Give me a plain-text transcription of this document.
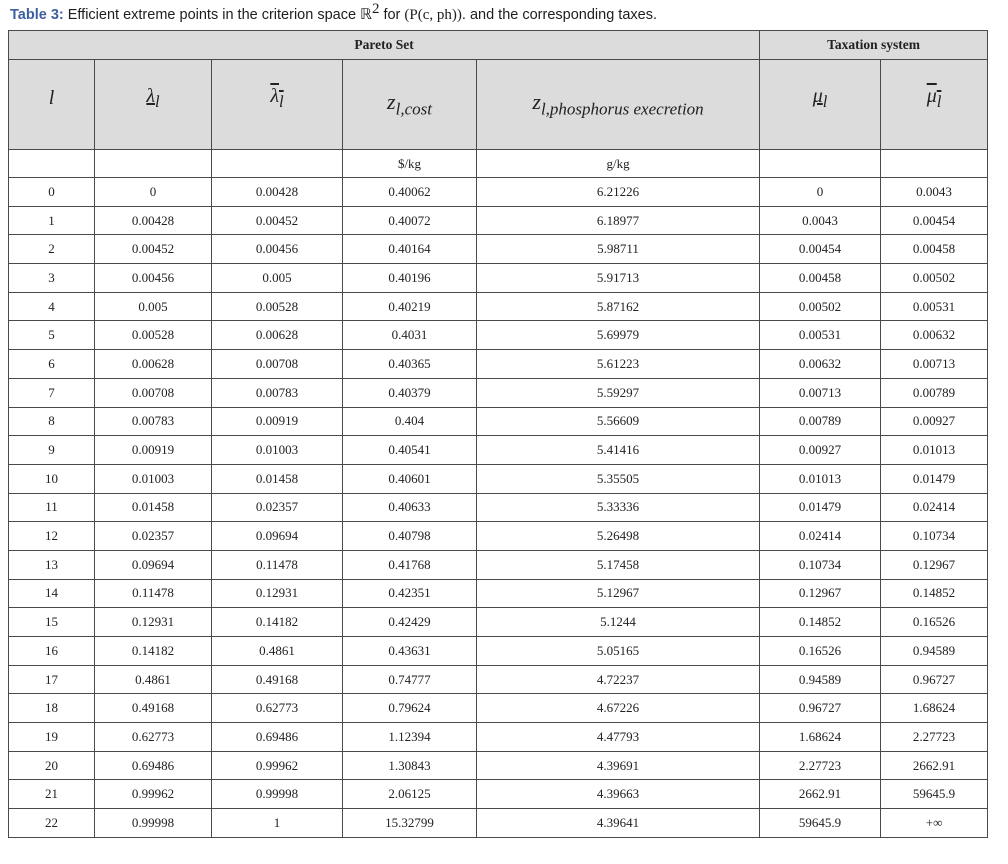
Table 3: Efficient extreme points in the criterion space ℝ$^2$ for (P(c, ph)). and the corresponding taxes.
Pareto Set					Taxation system	
l	$\lambda_l$	$\lambda_l$	$z_{l,cost}$	$z_{l,phosphorus execretion}$	$\mu_l$	$\mu_l$
			$/kg	g/kg		
0	0	0.00428	0.40062	6.21226	0	0.0043
1	0.00428	0.00452	0.40072	6.18977	0.0043	0.00454
2	0.00452	0.00456	0.40164	5.98711	0.00454	0.00458
3	0.00456	0.005	0.40196	5.91713	0.00458	0.00502
4	0.005	0.00528	0.40219	5.87162	0.00502	0.00531
5	0.00528	0.00628	0.4031	5.69979	0.00531	0.00632
6	0.00628	0.00708	0.40365	5.61223	0.00632	0.00713
7	0.00708	0.00783	0.40379	5.59297	0.00713	0.00789
8	0.00783	0.00919	0.404	5.56609	0.00789	0.00927
9	0.00919	0.01003	0.40541	5.41416	0.00927	0.01013
10	0.01003	0.01458	0.40601	5.35505	0.01013	0.01479
11	0.01458	0.02357	0.40633	5.33336	0.01479	0.02414
12	0.02357	0.09694	0.40798	5.26498	0.02414	0.10734
13	0.09694	0.11478	0.41768	5.17458	0.10734	0.12967
14	0.11478	0.12931	0.42351	5.12967	0.12967	0.14852
15	0.12931	0.14182	0.42429	5.1244	0.14852	0.16526
16	0.14182	0.4861	0.43631	5.05165	0.16526	0.94589
17	0.4861	0.49168	0.74777	4.72237	0.94589	0.96727
18	0.49168	0.62773	0.79624	4.67226	0.96727	1.68624
19	0.62773	0.69486	1.12394	4.47793	1.68624	2.27723
20	0.69486	0.99962	1.30843	4.39691	2.27723	2662.91
21	0.99962	0.99998	2.06125	4.39663	2662.91	59645.9
22	0.99998	1	15.32799	4.39641	59645.9	+∞
